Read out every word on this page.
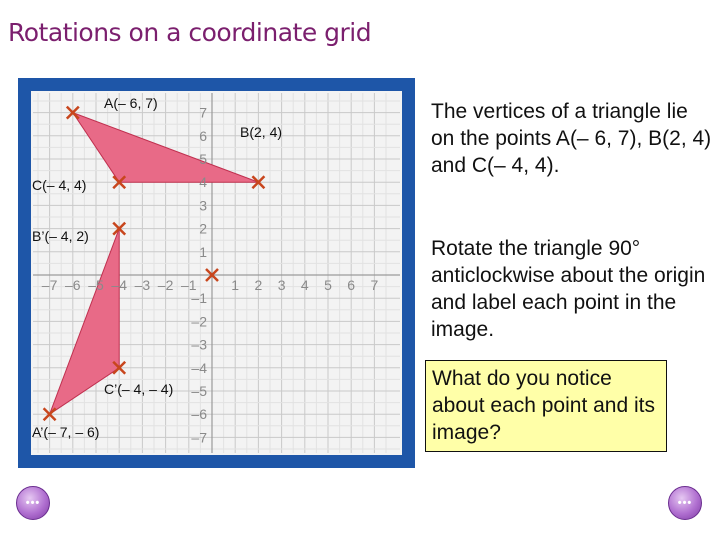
Rotations on a coordinate grid
–7 –6 –5 –4 –3 –2 –1 1 2 3 4 5 6 7
1
2
3
4
5
6
7
–1
–2
–3
–4
–5
–6
–7
A(– 6, 7)
B(2, 4)
C(– 4, 4)
B’(– 4, 2)
C’(– 4, – 4)
A’(– 7, – 6)
The vertices of a triangle lie on the points A(– 6, 7), B(2, 4) and C(– 4, 4).
Rotate the triangle 90° anticlockwise about the origin and label each point in the image.
What do you notice about each point and its image?
•••	•••
